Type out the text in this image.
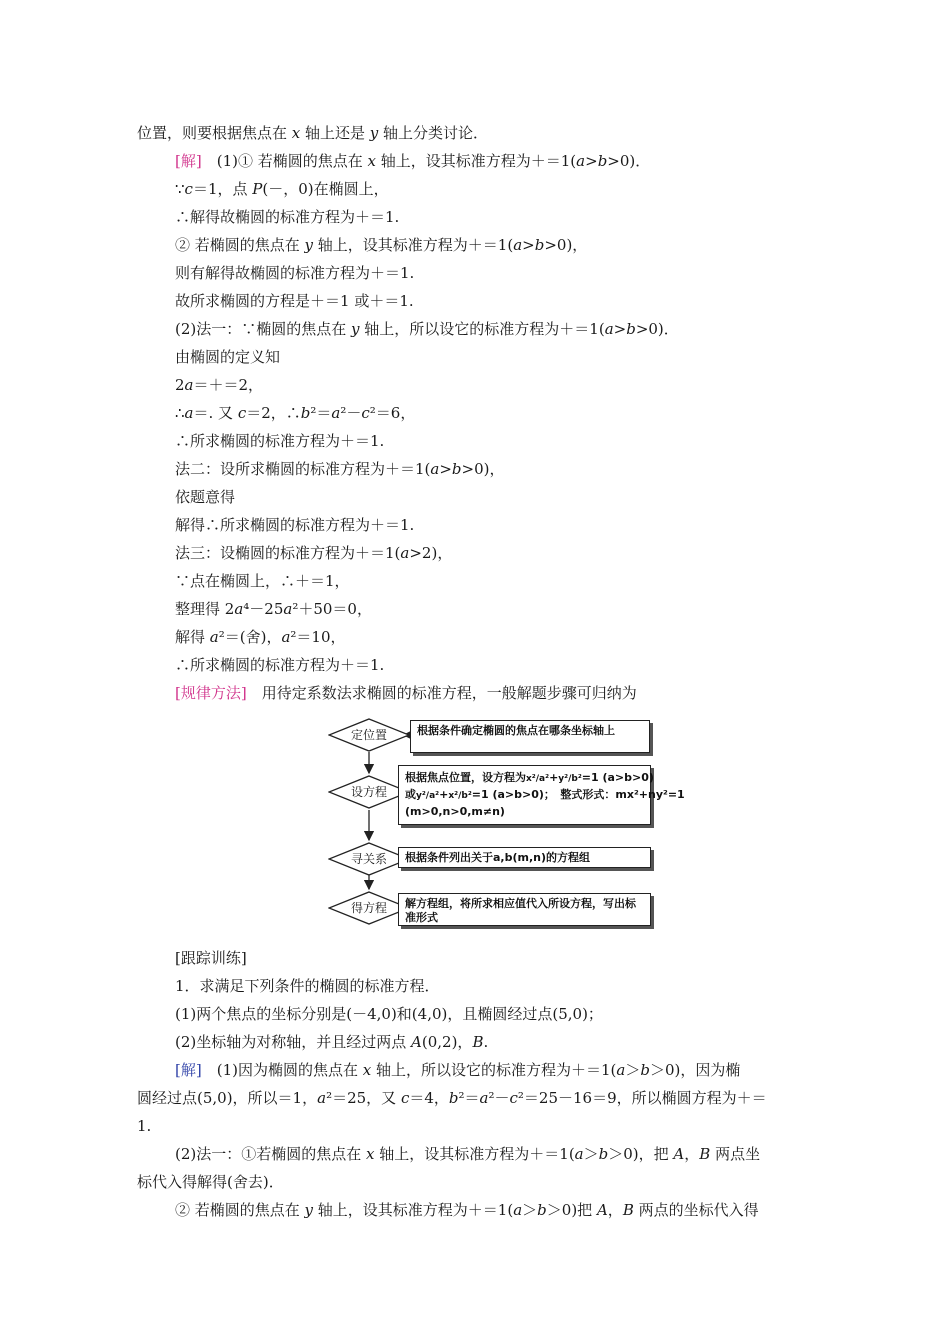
位置，则要根据焦点在 x 轴上还是 y 轴上分类讨论．
[解]　(1)① 若椭圆的焦点在 x 轴上，设其标准方程为＋＝1(a>b>0)．
∵c＝1，点 P(－，0)在椭圆上，
∴解得故椭圆的标准方程为＋＝1.
② 若椭圆的焦点在 y 轴上，设其标准方程为＋＝1(a>b>0)，
则有解得故椭圆的标准方程为＋＝1.
故所求椭圆的方程是＋＝1 或＋＝1.
(2)法一：∵椭圆的焦点在 y 轴上，所以设它的标准方程为＋＝1(a>b>0)．
由椭圆的定义知
2a＝＋＝2，
∴a＝. 又 c＝2，∴b²＝a²－c²＝6，
∴所求椭圆的标准方程为＋＝1.
法二：设所求椭圆的标准方程为＋＝1(a>b>0)，
依题意得
解得∴所求椭圆的标准方程为＋＝1.
法三：设椭圆的标准方程为＋＝1(a>2)，
∵点在椭圆上，∴＋＝1，
整理得 2a⁴－25a²＋50＝0，
解得 a²＝(舍)，a²＝10，
∴所求椭圆的标准方程为＋＝1.
[规律方法]　用待定系数法求椭圆的标准方程，一般解题步骤可归纳为
定位置	根据条件确定椭圆的焦点在哪条坐标轴上
设方程
根据焦点位置，设方程为x²/a²+y²/b²=1 (a>b>0)
或y²/a²+x²/b²=1 (a>b>0)；　整式形式：mx²+ny²=1
(m>0,n>0,m≠n)
寻关系	根据条件列出关于a,b(m,n)的方程组
得方程	解方程组，将所求相应值代入所设方程，写出标准形式
[跟踪训练]
1．求满足下列条件的椭圆的标准方程．
(1)两个焦点的坐标分别是(－4,0)和(4,0)，且椭圆经过点(5,0)；
(2)坐标轴为对称轴，并且经过两点 A(0,2)，B.
[解]　(1)因为椭圆的焦点在 x 轴上，所以设它的标准方程为＋＝1(a＞b＞0)，因为椭
圆经过点(5,0)，所以＝1，a²＝25，又 c＝4，b²＝a²－c²＝25－16＝9，所以椭圆方程为＋＝
1.
(2)法一：①若椭圆的焦点在 x 轴上，设其标准方程为＋＝1(a＞b＞0)，把 A，B 两点坐
标代入得解得(舍去)．
② 若椭圆的焦点在 y 轴上，设其标准方程为＋＝1(a＞b＞0)把 A，B 两点的坐标代入得
